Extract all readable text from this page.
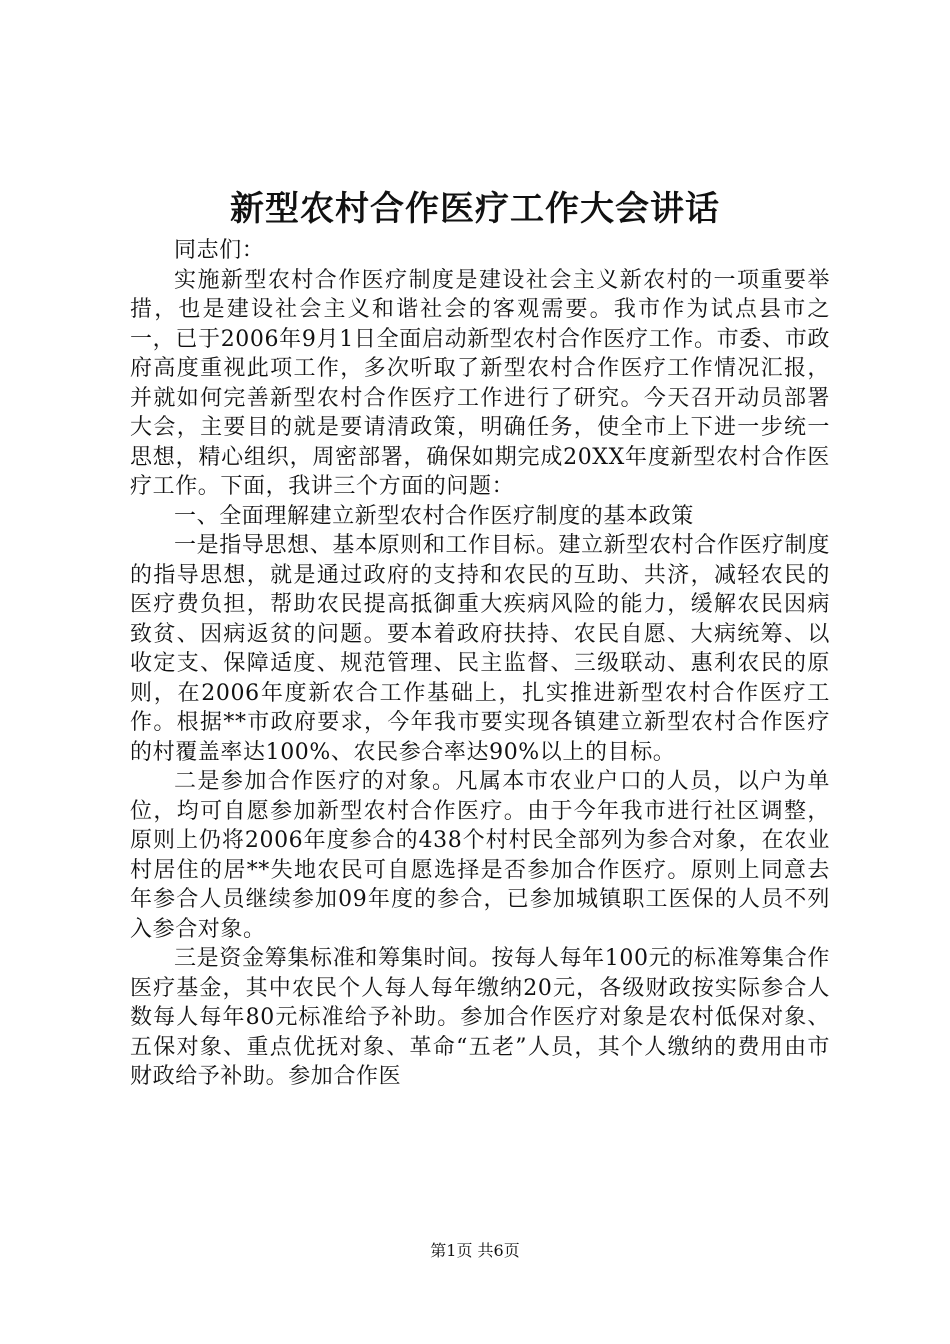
新型农村合作医疗工作大会讲话

同志们：

实施新型农村合作医疗制度是建设社会主义新农村的一项重要举措，也是建设社会主义和谐社会的客观需要。我市作为试点县市之一，已于2006年9月1日全面启动新型农村合作医疗工作。市委、市政府高度重视此项工作，多次听取了新型农村合作医疗工作情况汇报，并就如何完善新型农村合作医疗工作进行了研究。今天召开动员部署大会，主要目的就是要请清政策，明确任务，使全市上下进一步统一思想，精心组织，周密部署，确保如期完成20XX年度新型农村合作医疗工作。下面，我讲三个方面的问题：

一、全面理解建立新型农村合作医疗制度的基本政策

一是指导思想、基本原则和工作目标。建立新型农村合作医疗制度的指导思想，就是通过政府的支持和农民的互助、共济，减轻农民的医疗费负担，帮助农民提高抵御重大疾病风险的能力，缓解农民因病致贫、因病返贫的问题。要本着政府扶持、农民自愿、大病统筹、以收定支、保障适度、规范管理、民主监督、三级联动、惠利农民的原则，在2006年度新农合工作基础上，扎实推进新型农村合作医疗工作。根据**市政府要求，今年我市要实现各镇建立新型农村合作医疗的村覆盖率达100%、农民参合率达90%以上的目标。

二是参加合作医疗的对象。凡属本市农业户口的人员，以户为单位，均可自愿参加新型农村合作医疗。由于今年我市进行社区调整，原则上仍将2006年度参合的438个村村民全部列为参合对象，在农业村居住的居**失地农民可自愿选择是否参加合作医疗。原则上同意去年参合人员继续参加09年度的参合，已参加城镇职工医保的人员不列入参合对象。

三是资金筹集标准和筹集时间。按每人每年100元的标准筹集合作医疗基金，其中农民个人每人每年缴纳20元，各级财政按实际参合人数每人每年80元标准给予补助。参加合作医疗对象是农村低保对象、五保对象、重点优抚对象、革命“五老”人员，其个人缴纳的费用由市财政给予补助。参加合作医

第1页 共6页
